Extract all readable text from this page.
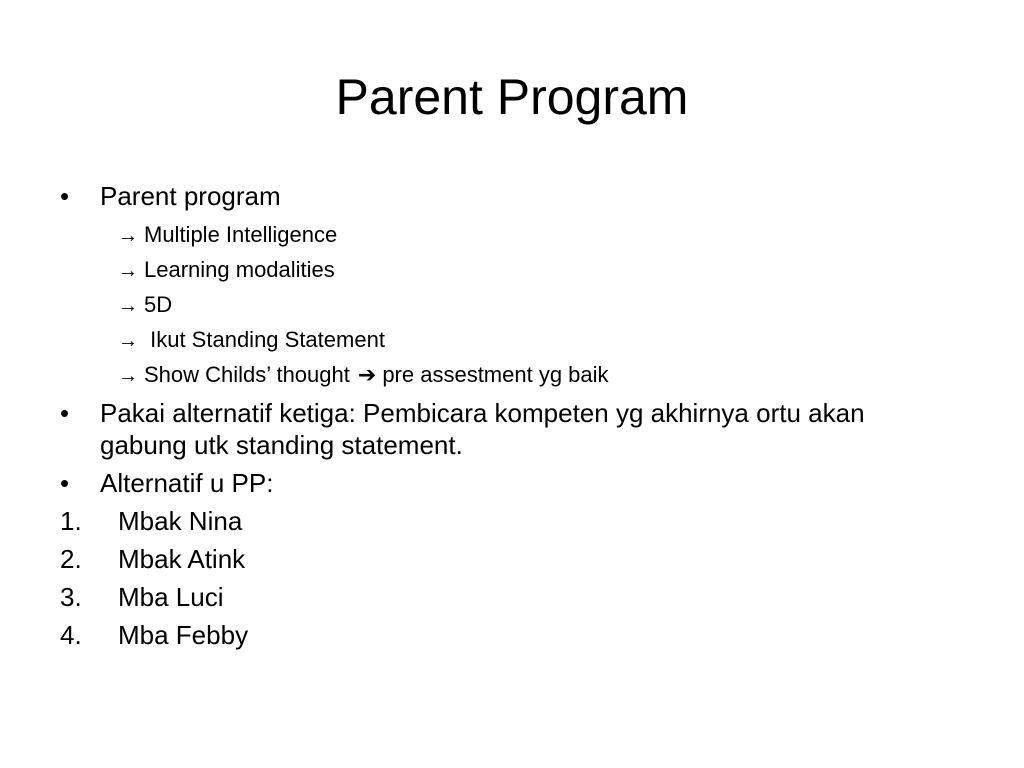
Parent Program
•	Parent program
→ Multiple Intelligence
→ Learning modalities
→ 5D
→ Ikut Standing Statement
→ Show Childs’ thought ➔ pre assestment yg baik
•	Pakai alternatif ketiga: Pembicara kompeten yg akhirnya ortu akan
gabung utk standing statement.
•	Alternatif u PP:
1. Mbak Nina
2. Mbak Atink
3. Mba Luci
4. Mba Febby
